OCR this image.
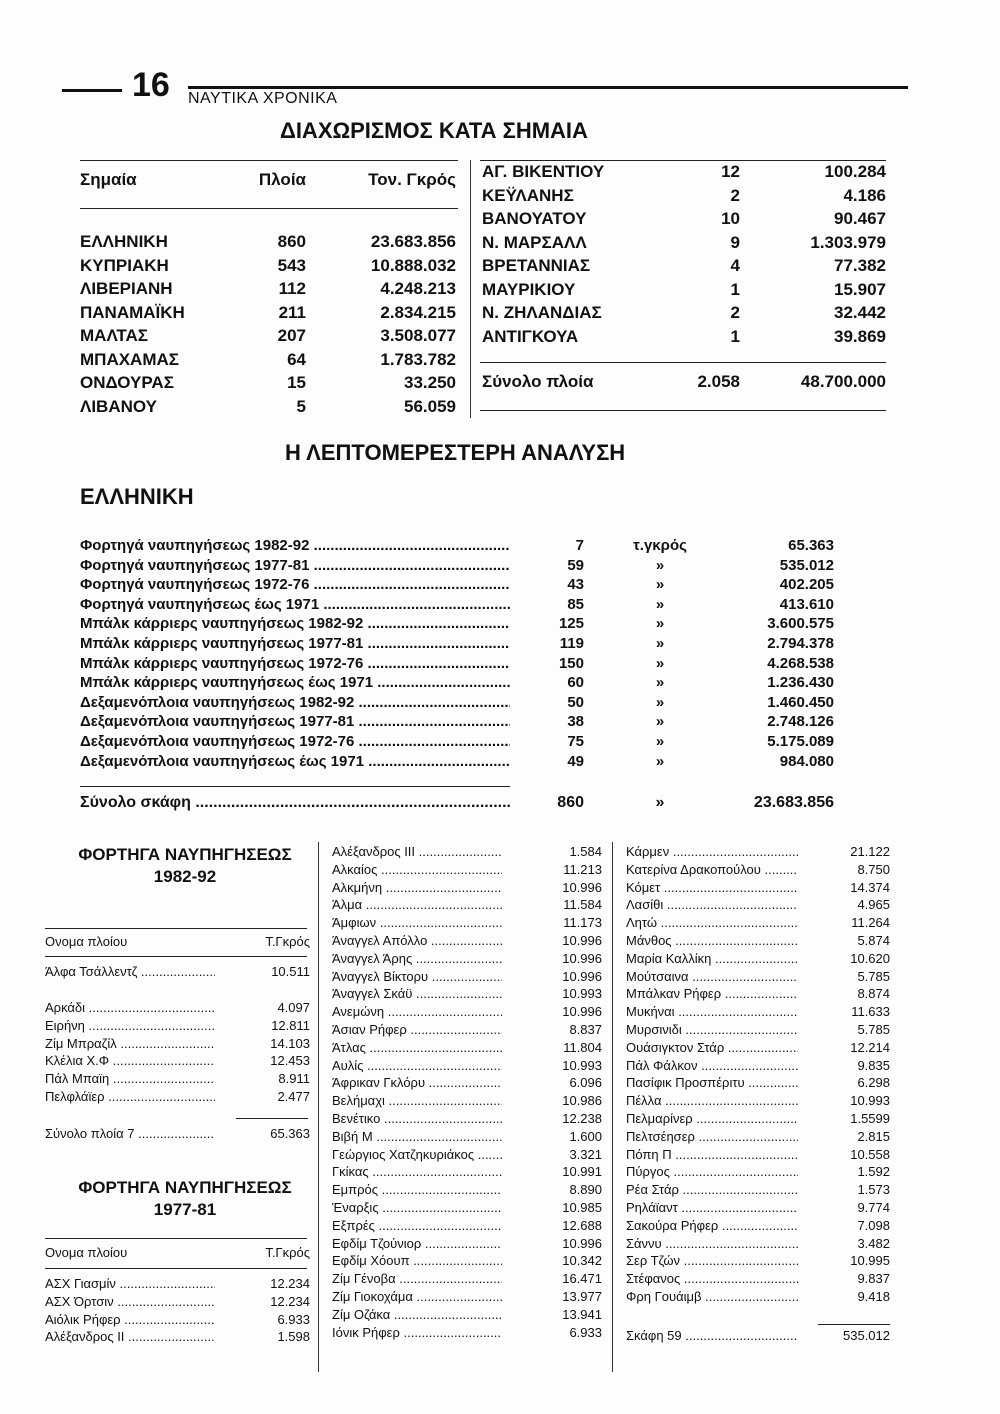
16 ΝΑΥΤΙΚΑ ΧΡΟΝΙΚΑ
ΔΙΑΧΩΡΙΣΜΟΣ ΚΑΤΑ ΣΗΜΑΙΑ
Σημαία	Πλοία	Τον. Γκρός
ΕΛΛΗΝΙΚΗ	860	23.683.856
ΚΥΠΡΙΑΚΗ	543	10.888.032
ΛΙΒΕΡΙΑΝΗ	112	4.248.213
ΠΑΝΑΜΑΪΚΗ	211	2.834.215
ΜΑΛΤΑΣ	207	3.508.077
ΜΠΑΧΑΜΑΣ	64	1.783.782
ΟΝΔΟΥΡΑΣ	15	33.250
ΛΙΒΑΝΟΥ	5	56.059
Σύνολο πλοία	2.058	48.700.000
Η ΛΕΠΤΟΜΕΡΕΣΤΕΡΗ ΑΝΑΛΥΣΗ
ΕΛΛΗΝΙΚΗ
Φορτηγά ναυπηγήσεως 1982-92 .....	7	τ.γκρός	65.363
Φορτηγά ναυπηγήσεως 1977-81 .....	59	»	535.012
Φορτηγά ναυπηγήσεως 1972-76 .....	43	»	402.205
Φορτηγά ναυπηγήσεως έως 1971 .....	85	»	413.610
Μπάλκ κάρριερς ναυπηγήσεως 1982-92 .....	125	»	3.600.575
Μπάλκ κάρριερς ναυπηγήσεως 1977-81 .....	119	»	2.794.378
Μπάλκ κάρριερς ναυπηγήσεως 1972-76 .....	150	»	4.268.538
Μπάλκ κάρριερς ναυπηγήσεως έως 1971 .....	60	»	1.236.430
Δεξαμενόπλοια ναυπηγήσεως 1982-92 .....	50	»	1.460.450
Δεξαμενόπλοια ναυπηγήσεως 1977-81 .....	38	»	2.748.126
Δεξαμενόπλοια ναυπηγήσεως 1972-76 .....	75	»	5.175.089
Δεξαμενόπλοια ναυπηγήσεως έως 1971 .....	49	»	984.080
Σύνολο σκάφη .....	860	»	23.683.856
ΦΟΡΤΗΓΑ ΝΑΥΠΗΓΗΣΕΩΣ
1982-92
Ονομα πλοίου	Τ.Γκρός
Άλφα Τσάλλεντζ .....	10.511
Αρκάδι .....	4.097
Ειρήνη .....	12.811
Ζίμ Μπραζίλ .....	14.103
Κλέλια Χ.Φ .....	12.453
Πάλ Μπαϊη .....	8.911
Πελφλάϊερ .....	2.477
Σύνολο πλοία 7 .....	65.363
ΦΟΡΤΗΓΑ ΝΑΥΠΗΓΗΣΕΩΣ
1977-81
Ονομα πλοίου	Τ.Γκρός
ΑΣΧ Γιασμίν .....	12.234
ΑΣΧ Όρτσιν .....	12.234
Αιόλικ Ρήφερ .....	6.933
Αλέξανδρος ΙΙ .....	1.598
Αλέξανδρος ΙΙΙ .....	1.584
Αλκαίος .....	11.213
Αλκμήνη .....	10.996
Άλμα .....	11.584
Άμφιων .....	11.173
Άναγγελ Απόλλο .....	10.996
Άναγγελ Άρης .....	10.996
Άναγγελ Βίκτορυ .....	10.996
Άναγγελ Σκάϋ .....	10.993
Ανεμώνη .....	10.996
Άσιαν Ρήφερ .....	8.837
Άτλας .....	11.804
Αυλίς .....	10.993
Άφρικαν Γκλόρυ .....	6.096
Βελήμαχι .....	10.986
Βενέτικο .....	12.238
Βιβή Μ .....	1.600
Γεώργιος Χατζηκυριάκος .....	3.321
Γκίκας .....	10.991
Εμπρός .....	8.890
Έναρξις .....	10.985
Εξπρές .....	12.688
Εφδίμ Τζούνιορ .....	10.996
Εφδίμ Χόουπ .....	10.342
Ζίμ Γένοβα .....	16.471
Ζίμ Γιοκοχάμα .....	13.977
Ζίμ Οζάκα .....	13.941
Ιόνικ Ρήφερ .....	6.933
Κάρμεν .....	21.122
Κατερίνα Δρακοπούλου .....	8.750
Κόμετ .....	14.374
Λασίθι .....	4.965
Λητώ .....	11.264
Μάνθος .....	5.874
Μαρία Καλλίκη .....	10.620
Μούτσαινα .....	5.785
Μπάλκαν Ρήφερ .....	8.874
Μυκήναι .....	11.633
Μυρσινιδι .....	5.785
Ουάσιγκτον Στάρ .....	12.214
Πάλ Φάλκον .....	9.835
Πασίφικ Προσπέριτυ .....	6.298
Πέλλα .....	10.993
Πελμαρίνερ .....	1.5599
Πελτσέησερ .....	2.815
Πόπη Π .....	10.558
Πύργος .....	1.592
Ρέα Στάρ .....	1.573
Ρηλάϊαντ .....	9.774
Σακούρα Ρήφερ .....	7.098
Σάννυ .....	3.482
Σερ Τζών .....	10.995
Στέφανος .....	9.837
Φρη Γουάιμβ .....	9.418
Σκάφη 59 .....	535.012
ΑΓ. ΒΙΚΕΝΤΙΟΥ	12	100.284
ΚΕΫΛΑΝΗΣ	2	4.186
ΒΑΝΟΥΑΤΟΥ	10	90.467
Ν. ΜΑΡΣΑΛΛ	9	1.303.979
ΒΡΕΤΑΝΝΙΑΣ	4	77.382
ΜΑΥΡΙΚΙΟΥ	1	15.907
Ν. ΖΗΛΑΝΔΙΑΣ	2	32.442
ΑΝΤΙΓΚΟΥΑ	1	39.869
